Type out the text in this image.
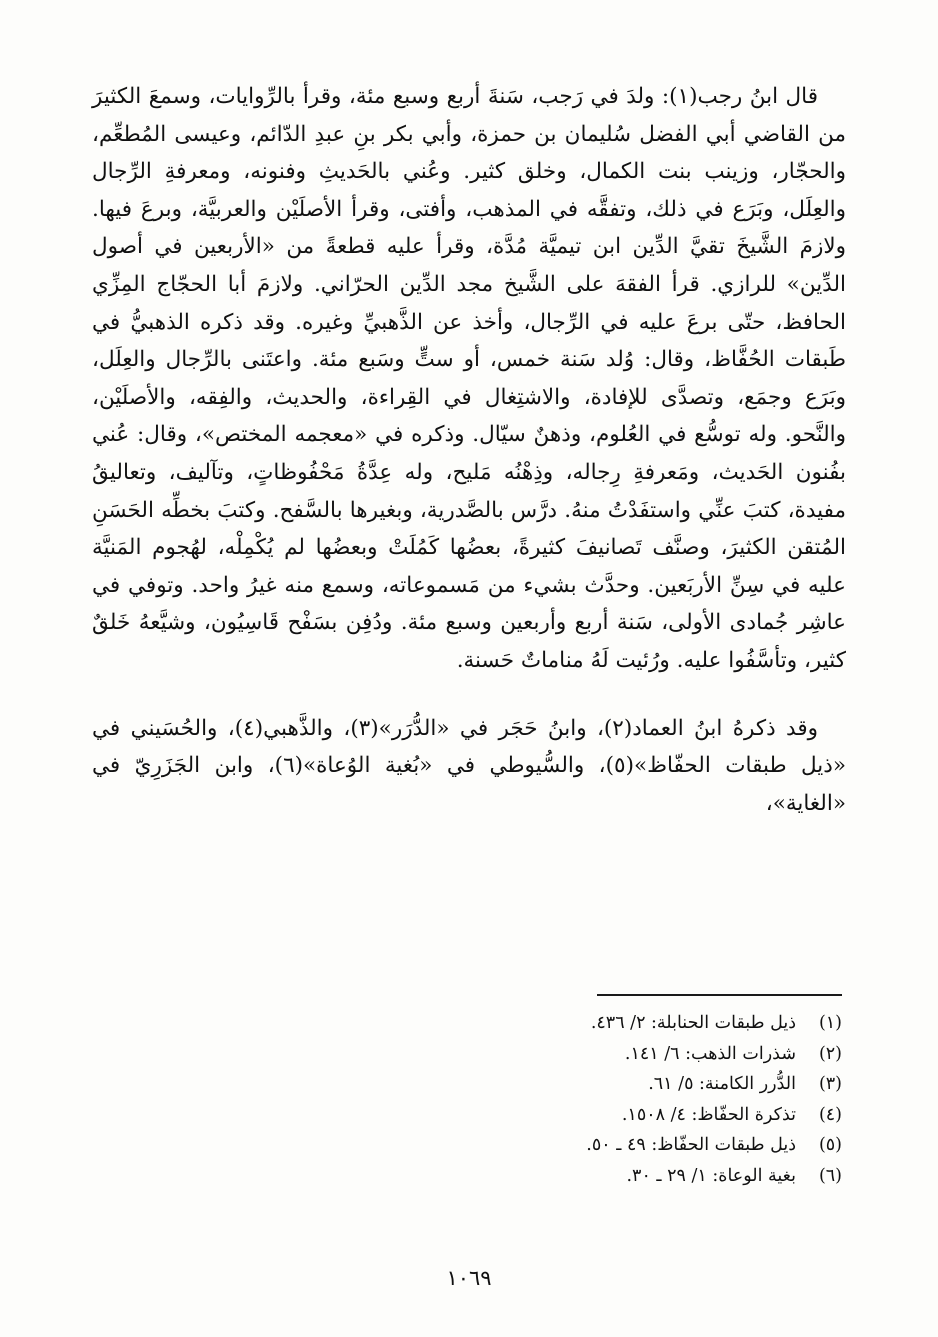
قال ابنُ رجب(١): ولدَ في رَجب، سَنةَ أربع وسبع مئة، وقرأ بالرِّوايات، وسمعَ الكثيرَ من القاضي أبي الفضل سُليمان بن حمزة، وأبي بكر بنِ عبدِ الدّائم، وعيسى المُطعِّم، والحجّار، وزينب بنت الكمال، وخلق كثير. وعُني بالحَديثِ وفنونه، ومعرفةِ الرِّجال والعِلَل، وبَرَع في ذلك، وتفقَّه في المذهب، وأفتى، وقرأ الأصلَيْن والعربيَّة، وبرعَ فيها. ولازمَ الشَّيخَ تقيَّ الدِّين ابن تيميَّة مُدَّة، وقرأ عليه قطعةً من «الأربعين في أصول الدِّين» للرازي. قرأ الفقهَ على الشَّيخ مجد الدِّين الحرّاني. ولازمَ أبا الحجّاج المِزِّي الحافظ، حتّى برعَ عليه في الرِّجال، وأخذ عن الذَّهبيِّ وغيره. وقد ذكره الذهبيُّ في طَبقات الحُفَّاظ، وقال: وُلد سَنة خمس، أو ستٍّ وسَبع مئة. واعتَنى بالرِّجال والعِلَل، وبَرَع وجمَع، وتصدَّى للإفادة، والاشتِغال في القِراءة، والحديث، والفِقه، والأصلَيْن، والنَّحو. وله توسُّع في العُلوم، وذهنٌ سيّال. وذكره في «معجمه المختص»، وقال: عُني بفُنون الحَديث، ومَعرفةِ رِجاله، وذِهْنُه مَليح، وله عِدَّةُ مَحْفُوظاتٍ، وتآليف، وتعاليقُ مفيدة، كتبَ عنِّي واستفَدْتُ منهُ. درَّس بالصَّدرية، وبغيرها بالسَّفح. وكتبَ بخطِّه الحَسَنِ المُتقن الكثيرَ، وصنَّف تَصانيفَ كثيرةً، بعضُها كَمُلَتْ وبعضُها لم يُكْمِلْه، لهُجوم المَنيَّة عليه في سِنِّ الأربَعين. وحدَّث بشيء من مَسموعاته، وسمع منه غيرُ واحد. وتوفي في عاشِر جُمادى الأولى، سَنة أربع وأربعين وسبع مئة. ودُفِن بسَفْح قَاسِيُون، وشيَّعهُ خَلقٌ كثير، وتأسَّفُوا عليه. ورُئيت لَهُ مناماتٌ حَسنة.

وقد ذكرهُ ابنُ العماد(٢)، وابنُ حَجَر في «الدُّرَر»(٣)، والذَّهبي(٤)، والحُسَيني في «ذيل طبقات الحفّاظ»(٥)، والسُّيوطي في «بُغية الوُعاة»(٦)، وابن الجَزَرِيّ في «الغاية»،

(١)
ذيل طبقات الحنابلة: ٢/ ٤٣٦.
(٢)
شذرات الذهب: ٦/ ١٤١.
(٣)
الدُّرر الكامنة: ٥/ ٦١.
(٤)
تذكرة الحفّاظ: ٤/ ١٥٠٨.
(٥)
ذيل طبقات الحفّاظ: ٤٩ ـ ٥٠.
(٦)
بغية الوعاة: ١/ ٢٩ ـ ٣٠.
١٠٦٩
